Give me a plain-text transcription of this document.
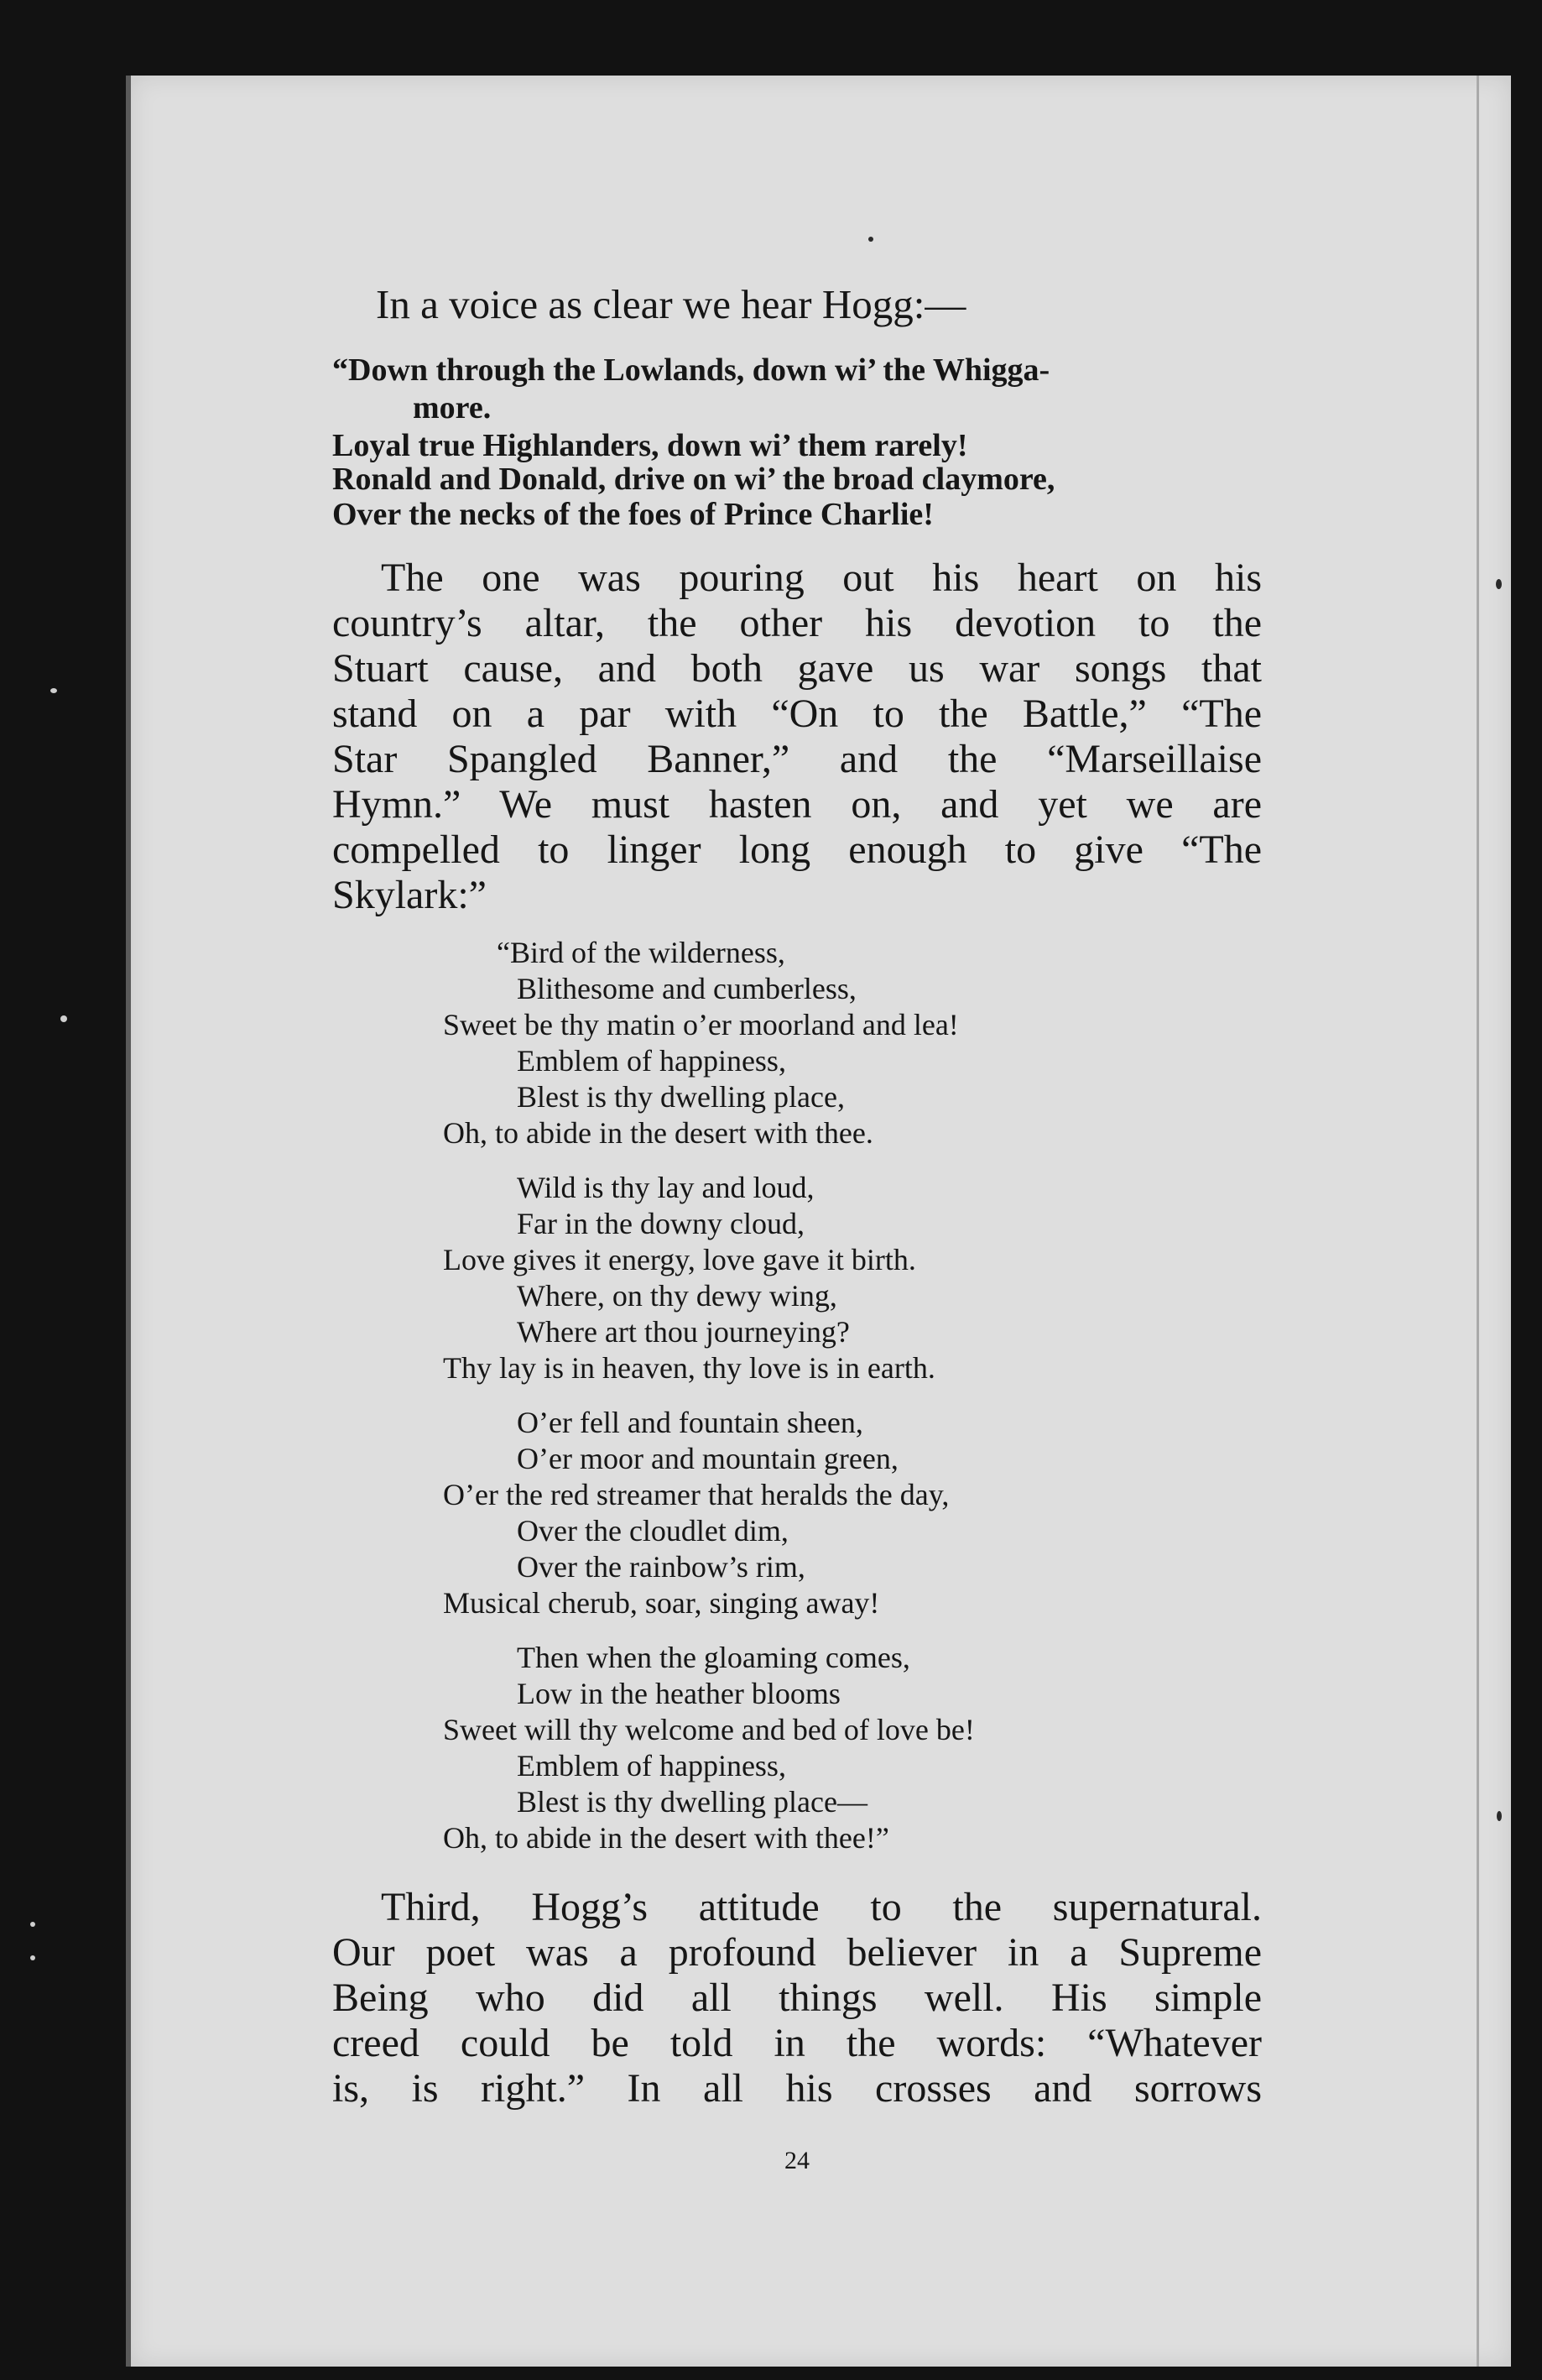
In a voice as clear we hear Hogg:—
“Down through the Lowlands, down wi’ the Whigga-
more.
Loyal true Highlanders, down wi’ them rarely!
Ronald and Donald, drive on wi’ the broad claymore,
Over the necks of the foes of Prince Charlie!
The one was pouring out his heart on his
country’s altar, the other his devotion to the
Stuart cause, and both gave us war songs that
stand on a par with “On to the Battle,” “The
Star Spangled Banner,” and the “Marseillaise
Hymn.” We must hasten on, and yet we are
compelled to linger long enough to give “The
Skylark:”
“Bird of the wilderness,
Blithesome and cumberless,
Sweet be thy matin o’er moorland and lea!
Emblem of happiness,
Blest is thy dwelling place,
Oh, to abide in the desert with thee.
Wild is thy lay and loud,
Far in the downy cloud,
Love gives it energy, love gave it birth.
Where, on thy dewy wing,
Where art thou journeying?
Thy lay is in heaven, thy love is in earth.
O’er fell and fountain sheen,
O’er moor and mountain green,
O’er the red streamer that heralds the day,
Over the cloudlet dim,
Over the rainbow’s rim,
Musical cherub, soar, singing away!
Then when the gloaming comes,
Low in the heather blooms
Sweet will thy welcome and bed of love be!
Emblem of happiness,
Blest is thy dwelling place—
Oh, to abide in the desert with thee!”
Third, Hogg’s attitude to the supernatural.
Our poet was a profound believer in a Supreme
Being who did all things well. His simple
creed could be told in the words: “Whatever
is, is right.” In all his crosses and sorrows
24
